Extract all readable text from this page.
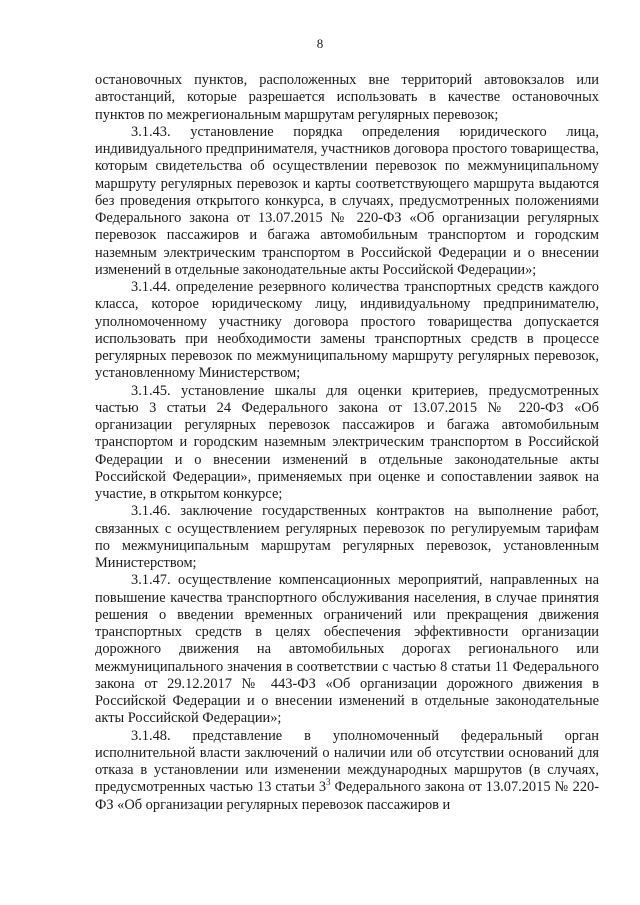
8

остановочных пунктов, расположенных вне территорий автовокзалов или автостанций, которые разрешается использовать в качестве остановочных пунктов по межрегиональным маршрутам регулярных перевозок;

3.1.43. установление порядка определения юридического лица, индивидуального предпринимателя, участников договора простого товарищества, которым свидетельства об осуществлении перевозок по межмуниципальному маршруту регулярных перевозок и карты соответствующего маршрута выдаются без проведения открытого конкурса, в случаях, предусмотренных положениями Федерального закона от 13.07.2015 № 220-ФЗ «Об организации регулярных перевозок пассажиров и багажа автомобильным транспортом и городским наземным электрическим транспортом в Российской Федерации и о внесении изменений в отдельные законодательные акты Российской Федерации»;

3.1.44. определение резервного количества транспортных средств каждого класса, которое юридическому лицу, индивидуальному предпринимателю, уполномоченному участнику договора простого товарищества допускается использовать при необходимости замены транспортных средств в процессе регулярных перевозок по межмуниципальному маршруту регулярных перевозок, установленному Министерством;

3.1.45. установление шкалы для оценки критериев, предусмотренных частью 3 статьи 24 Федерального закона от 13.07.2015 № 220-ФЗ «Об организации регулярных перевозок пассажиров и багажа автомобильным транспортом и городским наземным электрическим транспортом в Российской Федерации и о внесении изменений в отдельные законодательные акты Российской Федерации», применяемых при оценке и сопоставлении заявок на участие, в открытом конкурсе;

3.1.46. заключение государственных контрактов на выполнение работ, связанных с осуществлением регулярных перевозок по регулируемым тарифам по межмуниципальным маршрутам регулярных перевозок, установленным Министерством;

3.1.47. осуществление компенсационных мероприятий, направленных на повышение качества транспортного обслуживания населения, в случае принятия решения о введении временных ограничений или прекращения движения транспортных средств в целях обеспечения эффективности организации дорожного движения на автомобильных дорогах регионального или межмуниципального значения в соответствии с частью 8 статьи 11 Федерального закона от 29.12.2017 № 443-ФЗ «Об организации дорожного движения в Российской Федерации и о внесении изменений в отдельные законодательные акты Российской Федерации»;

3.1.48. представление в уполномоченный федеральный орган исполнительной власти заключений о наличии или об отсутствии оснований для отказа в установлении или изменении международных маршрутов (в случаях, предусмотренных частью 13 статьи $3^3$ Федерального закона от 13.07.2015 № 220-ФЗ «Об организации регулярных перевозок пассажиров и
